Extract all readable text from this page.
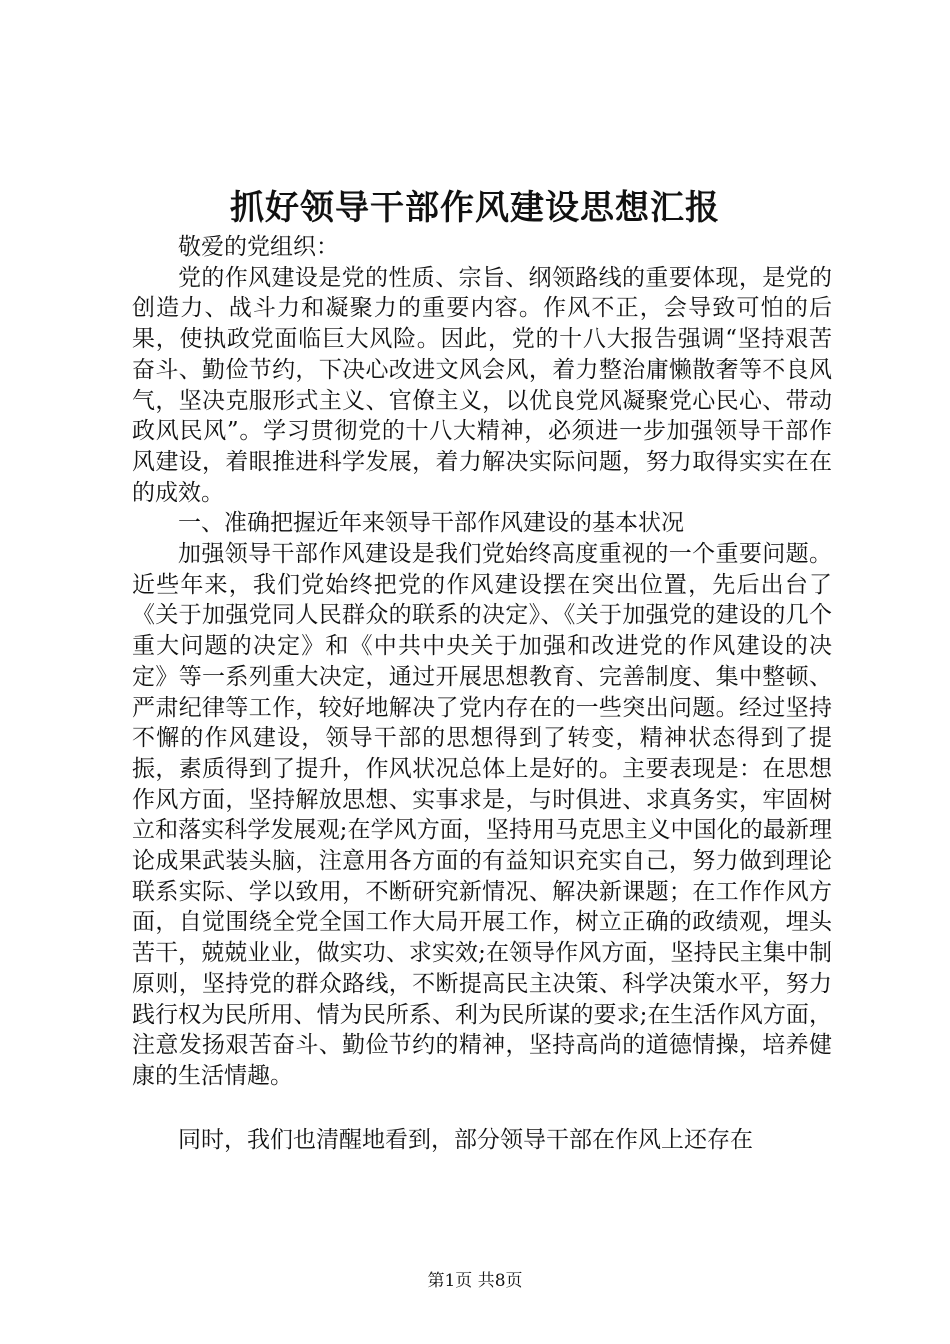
抓好领导干部作风建设思想汇报

敬爱的党组织：

党的作风建设是党的性质、宗旨、纲领路线的重要体现，是党的创造力、战斗力和凝聚力的重要内容。作风不正，会导致可怕的后果，使执政党面临巨大风险。因此，党的十八大报告强调“坚持艰苦奋斗、勤俭节约，下决心改进文风会风，着力整治庸懒散奢等不良风气，坚决克服形式主义、官僚主义，以优良党风凝聚党心民心、带动政风民风”。学习贯彻党的十八大精神，必须进一步加强领导干部作风建设，着眼推进科学发展，着力解决实际问题，努力取得实实在在的成效。

一、准确把握近年来领导干部作风建设的基本状况

加强领导干部作风建设是我们党始终高度重视的一个重要问题。近些年来，我们党始终把党的作风建设摆在突出位置，先后出台了《关于加强党同人民群众的联系的决定》、《关于加强党的建设的几个重大问题的决定》和《中共中央关于加强和改进党的作风建设的决定》等一系列重大决定，通过开展思想教育、完善制度、集中整顿、严肃纪律等工作，较好地解决了党内存在的一些突出问题。经过坚持不懈的作风建设，领导干部的思想得到了转变，精神状态得到了提振，素质得到了提升，作风状况总体上是好的。主要表现是：在思想作风方面，坚持解放思想、实事求是，与时俱进、求真务实，牢固树立和落实科学发展观;在学风方面，坚持用马克思主义中国化的最新理论成果武装头脑，注意用各方面的有益知识充实自己，努力做到理论联系实际、学以致用，不断研究新情况、解决新课题；在工作作风方面，自觉围绕全党全国工作大局开展工作，树立正确的政绩观，埋头苦干，兢兢业业，做实功、求实效;在领导作风方面，坚持民主集中制原则，坚持党的群众路线，不断提高民主决策、科学决策水平，努力践行权为民所用、情为民所系、利为民所谋的要求;在生活作风方面，注意发扬艰苦奋斗、勤俭节约的精神，坚持高尚的道德情操，培养健康的生活情趣。

同时，我们也清醒地看到，部分领导干部在作风上还存在

第1页 共8页
